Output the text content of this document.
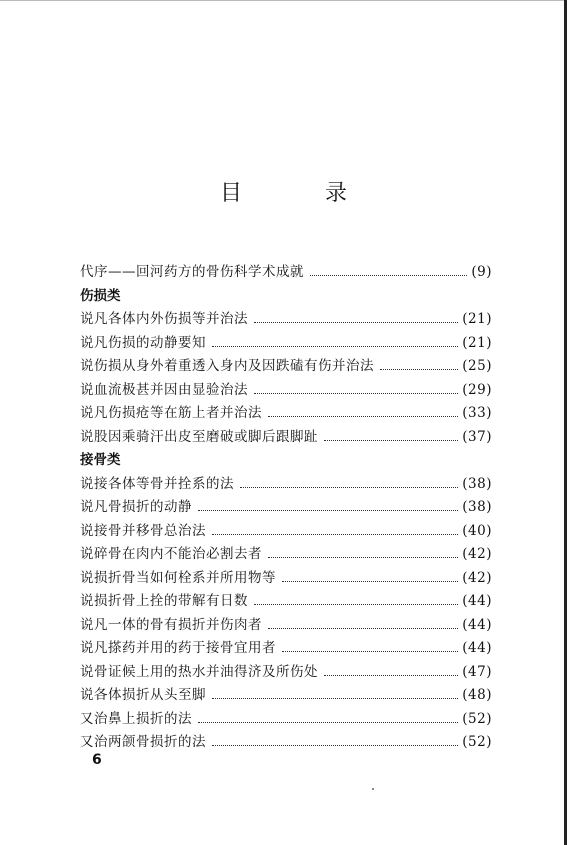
目 录
代序——回河药方的骨伤科学术成就	(9)
伤损类
说凡各体内外伤损等并治法	(21)
说凡伤损的动静要知	(21)
说伤损从身外着重透入身内及因跌磕有伤并治法	(25)
说血流极甚并因由显验治法	(29)
说凡伤损疮等在筋上者并治法	(33)
说股因乘骑汗出皮至磨破或脚后跟脚趾	(37)
接骨类
说接各体等骨并拴系的法	(38)
说凡骨损折的动静	(38)
说接骨并移骨总治法	(40)
说碎骨在肉内不能治必割去者	(42)
说损折骨当如何栓系并所用物等	(42)
说损折骨上拴的带解有日数	(44)
说凡一体的骨有损折并伤肉者	(44)
说凡搽药并用的药于接骨宜用者	(44)
说骨证候上用的热水并油得济及所伤处	(47)
说各体损折从头至脚	(48)
又治鼻上损折的法	(52)
又治两颌骨损折的法	(52)
6
